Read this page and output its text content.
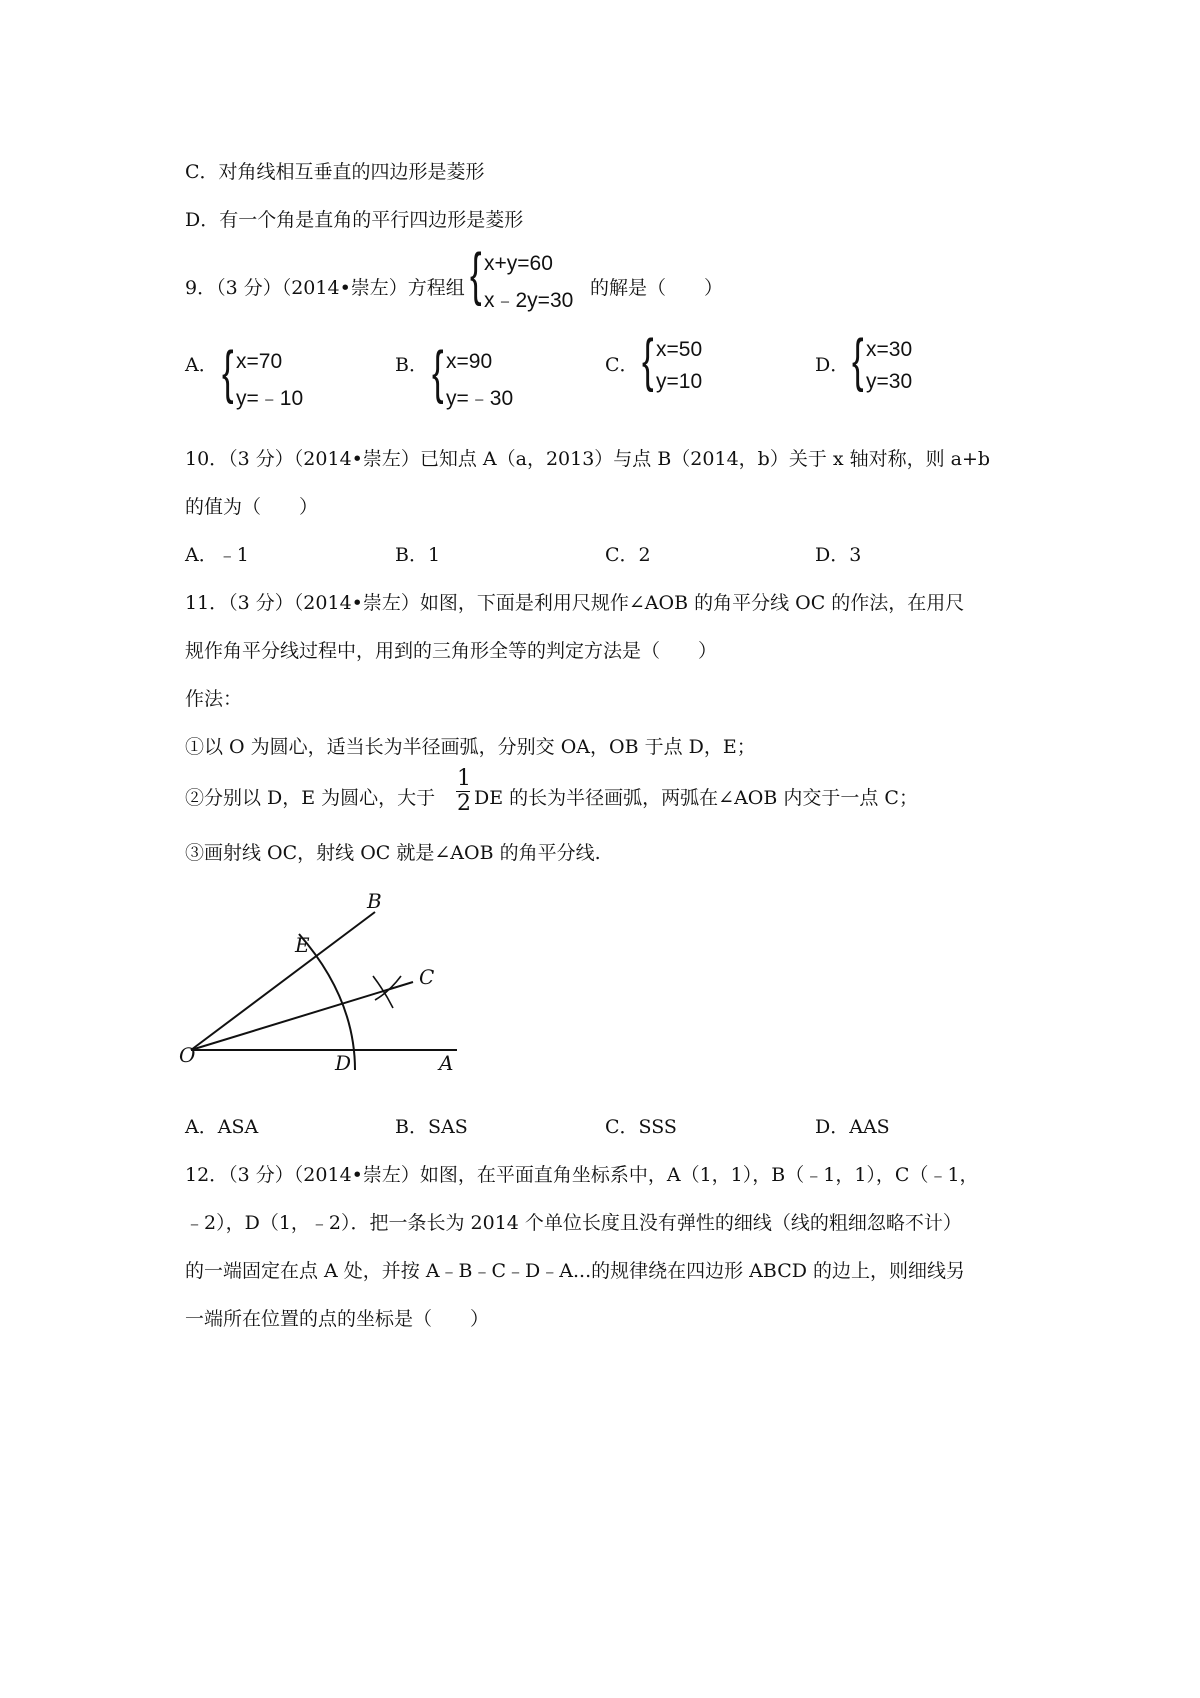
C．对角线相互垂直的四边形是菱形
D．有一个角是直角的平行四边形是菱形
9．（3 分）（2014•崇左）方程组 { x+y=60
x﹣2y=30
的解是（　　）
A． { x=70
y=﹣10
B． { x=90
y=﹣30
C． { x=50
y=10
D． { x=30
y=30
10．（3 分）（2014•崇左）已知点 A（a，2013）与点 B（2014，b）关于 x 轴对称，则 a+b
的值为（　　）
A．﹣1	B．1	C．2	D．3
11．（3 分）（2014•崇左）如图，下面是利用尺规作∠AOB 的角平分线 OC 的作法，在用尺
规作角平分线过程中，用到的三角形全等的判定方法是（　　）
作法：
①以 O 为圆心，适当长为半径画弧，分别交 OA，OB 于点 D，E；
②分别以 D，E 为圆心，大于
1
2 DE 的长为半径画弧，两弧在∠AOB 内交于一点 C；
③画射线 OC，射线 OC 就是∠AOB 的角平分线.
O	A
B
C
D
E
A．ASA	B．SAS	C．SSS	D．AAS
12．（3 分）（2014•崇左）如图，在平面直角坐标系中，A（1，1），B（﹣1，1），C（﹣1，
﹣2），D（1，﹣2）．把一条长为 2014 个单位长度且没有弹性的细线（线的粗细忽略不计）
的一端固定在点 A 处，并按 A﹣B﹣C﹣D﹣A...的规律绕在四边形 ABCD 的边上，则细线另
一端所在位置的点的坐标是（　　）
